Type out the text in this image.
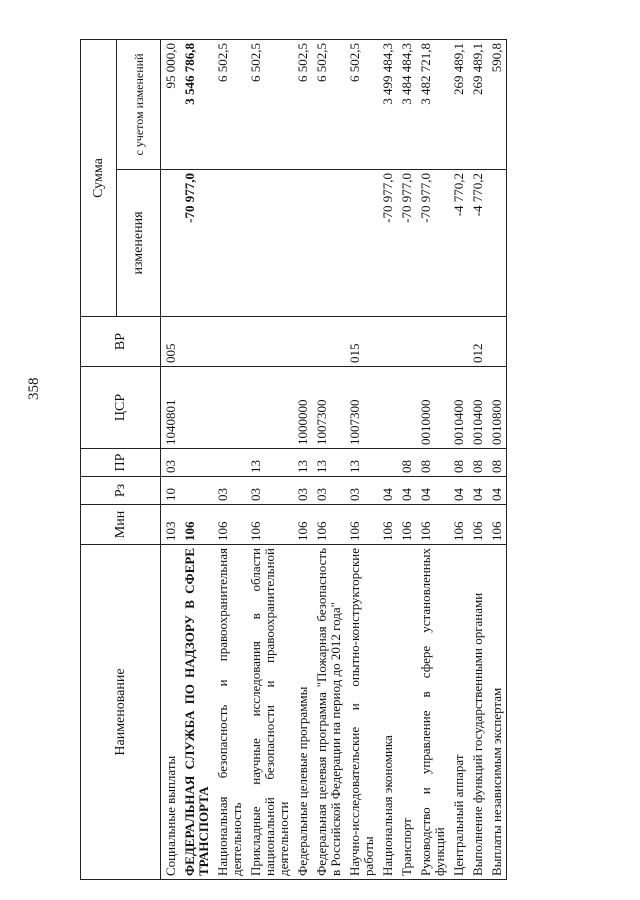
358
Наименование	Мин	Рз	ПР	ЦСР	ВР	Сумма	
						изменения	с учетом изменений
Социальные выплаты	103	10	03	1040801	005		95 000,0
ФЕДЕРАЛЬНАЯ СЛУЖБА ПО НАДЗОРУ В СФЕРЕ ТРАНСПОРТА	106					-70 977,0	3 546 786,8
Национальная безопасность и правоохранительная деятельность	106	03					6 502,5
Прикладные научные исследования в области национальной безопасности и правоохранительной деятельности	106	03	13				6 502,5
Федеральные целевые программы	106	03	13	1000000			6 502,5
Федеральная целевая программа "Пожарная безопасность в Российской Федерации на период до 2012 года"	106	03	13	1007300			6 502,5
Научно-исследовательские и опытно-конструкторские работы	106	03	13	1007300	015		6 502,5
Национальная экономика	106	04				-70 977,0	3 499 484,3
Транспорт	106	04	08			-70 977,0	3 484 484,3
Руководство и управление в сфере установленных функций	106	04	08	0010000		-70 977,0	3 482 721,8
Центральный аппарат	106	04	08	0010400		-4 770,2	269 489,1
Выполнение функций государственными органами	106	04	08	0010400	012	-4 770,2	269 489,1
Выплаты независимым экспертам	106	04	08	0010800			590,8
